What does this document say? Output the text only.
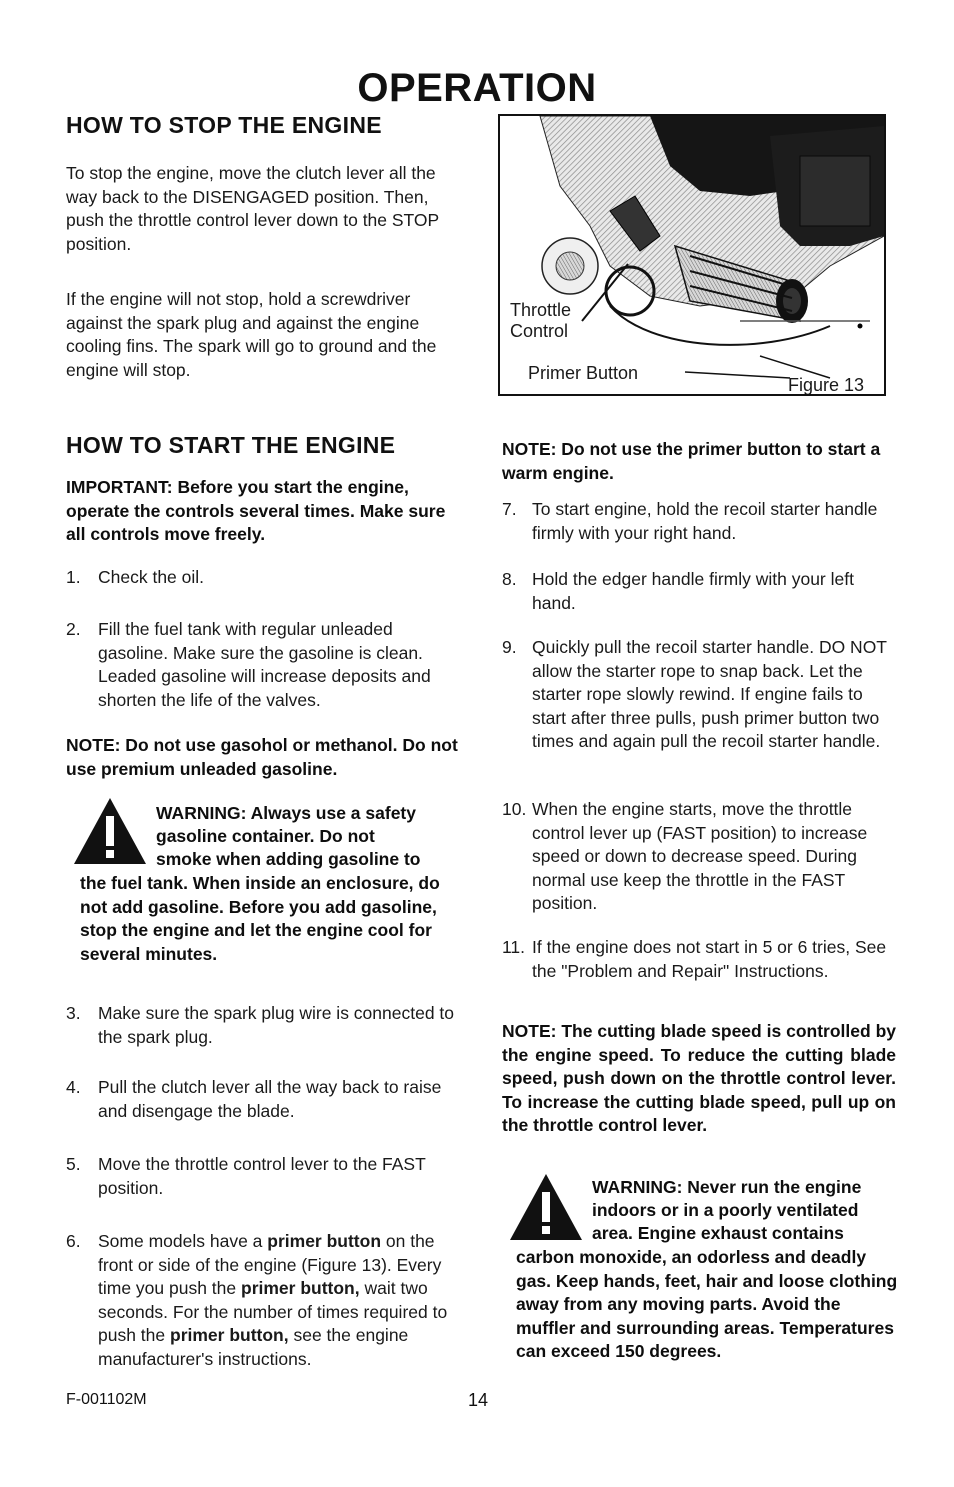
OPERATION
HOW TO STOP THE ENGINE
To stop the engine, move the clutch lever all the way back to the DISENGAGED position. Then, push the throttle control lever down to the STOP position.
If the engine will not stop, hold a screwdriver against the spark plug and against the engine cooling fins. The spark will go to ground and the engine will stop.
Throttle
Control
Primer Button
Figure 13
HOW TO START THE ENGINE
IMPORTANT: Before you start the engine, operate the controls several times. Make sure all controls move freely.
1. Check the oil.
2. Fill the fuel tank with regular unleaded gasoline. Make sure the gasoline is clean. Leaded gasoline will increase deposits and shorten the life of the valves.
NOTE: Do not use gasohol or methanol. Do not use premium unleaded gasoline.
WARNING: Always use a safety
gasoline container. Do not
smoke when adding gasoline to
the fuel tank. When inside an enclosure, do not add gasoline. Before you add gasoline, stop the engine and let the engine cool for several minutes.
3. Make sure the spark plug wire is connected to the spark plug.
4. Pull the clutch lever all the way back to raise and disengage the blade.
5. Move the throttle control lever to the FAST position.
6. Some models have a primer button on the front or side of the engine (Figure 13). Every time you push the primer button, wait two seconds. For the number of times required to push the primer button, see the engine manufacturer's instructions.
NOTE: Do not use the primer button to start a warm engine.
7. To start engine, hold the recoil starter handle firmly with your right hand.
8. Hold the edger handle firmly with your left hand.
9. Quickly pull the recoil starter handle. DO NOT allow the starter rope to snap back. Let the starter rope slowly rewind. If engine fails to start after three pulls, push primer button two times and again pull the recoil starter handle.
10. When the engine starts, move the throttle control lever up (FAST position) to increase speed or down to decrease speed. During normal use keep the throttle in the FAST position.
11. If the engine does not start in 5 or 6 tries, See the "Problem and Repair" Instructions.
NOTE: The cutting blade speed is controlled by the engine speed. To reduce the cutting blade speed, push down on the throttle control lever. To increase the cutting blade speed, pull up on the throttle control lever.
WARNING: Never run the engine
indoors or in a poorly ventilated
area. Engine exhaust contains
carbon monoxide, an odorless and deadly gas. Keep hands, feet, hair and loose clothing away from any moving parts. Avoid the muffler and surrounding areas. Temperatures can exceed 150 degrees.
F-001102M	14
